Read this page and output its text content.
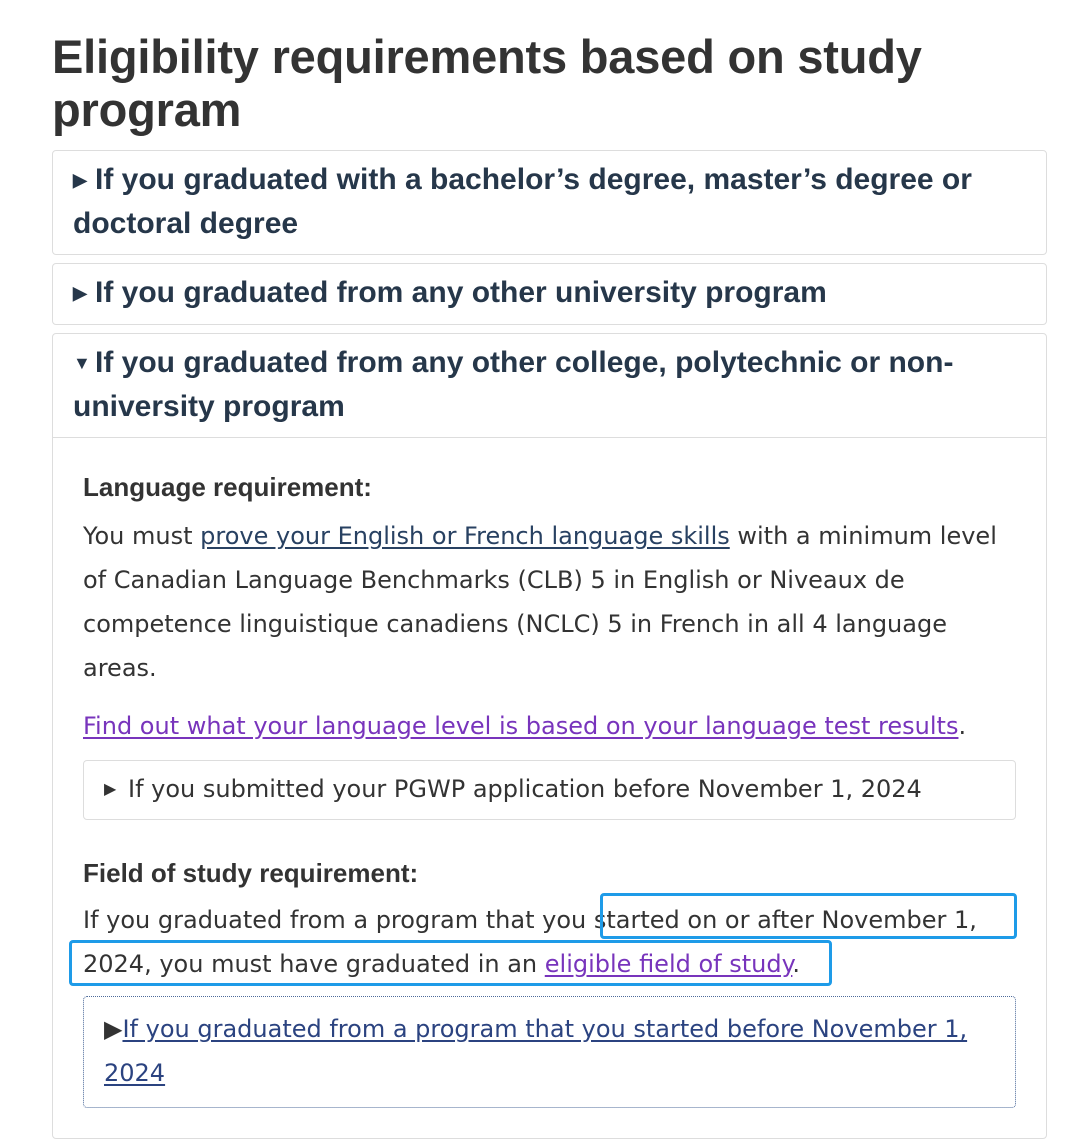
Eligibility requirements based on study program
▶ If you graduated with a bachelor’s degree, master’s degree or doctoral degree
▶ If you graduated from any other university program
▼ If you graduated from any other college, polytechnic or non-university program
Language requirement:

You must prove your English or French language skills with a minimum level of Canadian Language Benchmarks (CLB) 5 in English or Niveaux de competence linguistique canadiens (NCLC) 5 in French in all 4 language areas.

Find out what your language level is based on your language test results.

▶ If you submitted your PGWP application before November 1, 2024
Field of study requirement:

If you graduated from a program that you started on or after November 1, 2024, you must have graduated in an eligible field of study.

▶If you graduated from a program that you started before November 1, 2024
